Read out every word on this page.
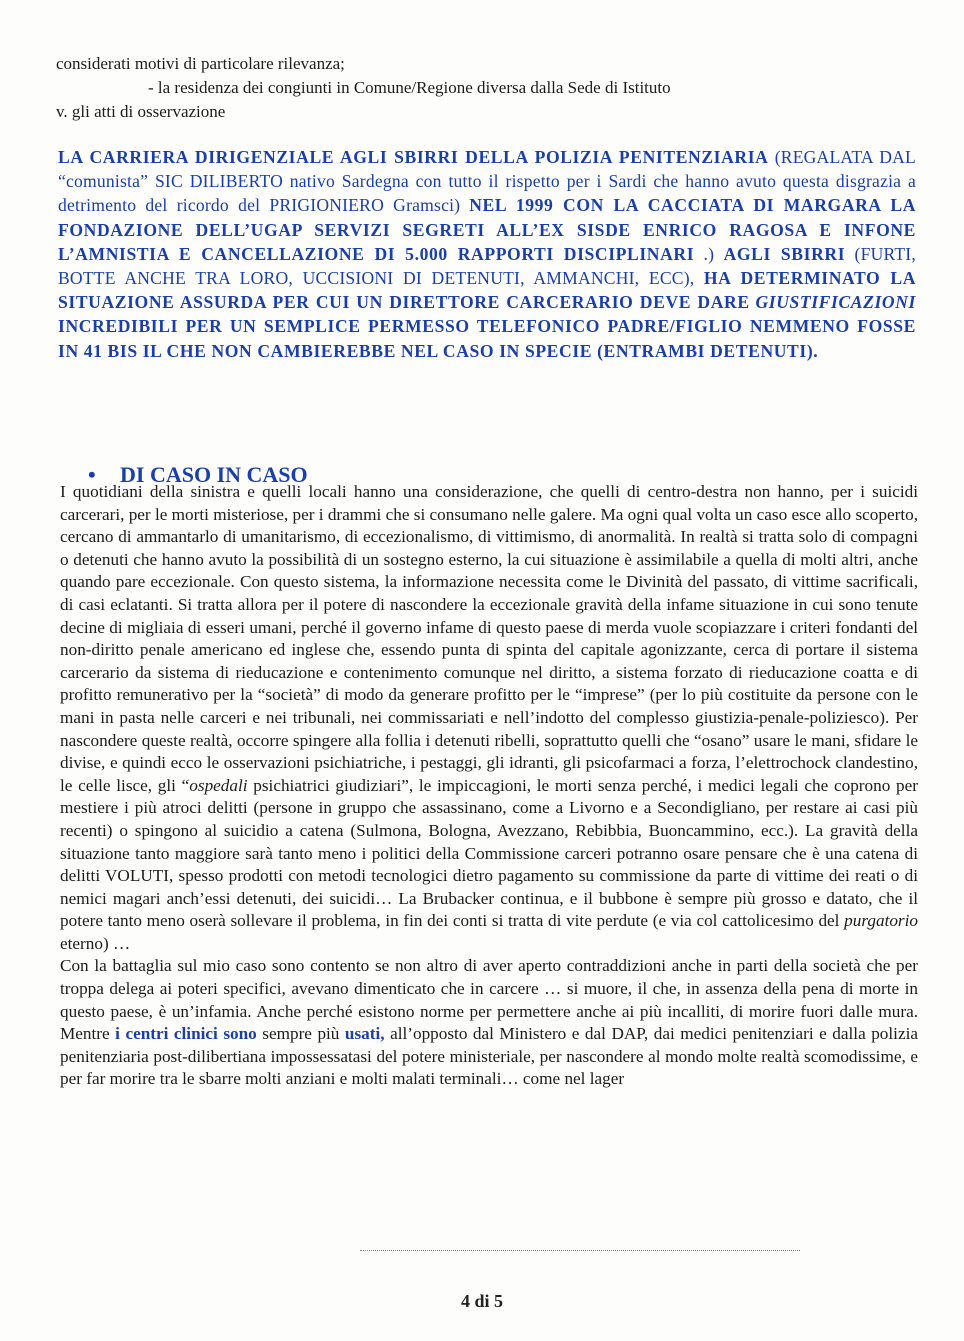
considerati motivi di particolare rilevanza;
- la residenza dei congiunti in Comune/Regione diversa dalla Sede di Istituto
v. gli atti di osservazione
LA CARRIERA DIRIGENZIALE AGLI SBIRRI DELLA POLIZIA PENITENZIARIA (REGALATA DAL “comunista” SIC DILIBERTO nativo Sardegna con tutto il rispetto per i Sardi che hanno avuto questa disgrazia a detrimento del ricordo del PRIGIONIERO Gramsci) NEL 1999 CON LA CACCIATA DI MARGARA LA FONDAZIONE DELL’UGAP SERVIZI SEGRETI ALL’EX SISDE ENRICO RAGOSA E INFONE L’AMNISTIA E CANCELLAZIONE DI 5.000 RAPPORTI DISCIPLINARI .) AGLI SBIRRI (FURTI, BOTTE ANCHE TRA LORO, UCCISIONI DI DETENUTI, AMMANCHI, ECC), HA DETERMINATO LA SITUAZIONE ASSURDA PER CUI UN DIRETTORE CARCERARIO DEVE DARE GIUSTIFICAZIONI INCREDIBILI PER UN SEMPLICE PERMESSO TELEFONICO PADRE/FIGLIO NEMMENO FOSSE IN 41 BIS IL CHE NON CAMBIEREBBE NEL CASO IN SPECIE (ENTRAMBI DETENUTI).
• DI CASO IN CASO

I quotidiani della sinistra e quelli locali hanno una considerazione, che quelli di centro-destra non hanno, per i suicidi carcerari, per le morti misteriose, per i drammi che si consumano nelle galere. Ma ogni qual volta un caso esce allo scoperto, cercano di ammantarlo di umanitarismo, di eccezionalismo, di vittimismo, di anormalità. In realtà si tratta solo di compagni o detenuti che hanno avuto la possibilità di un sostegno esterno, la cui situazione è assimilabile a quella di molti altri, anche quando pare eccezionale. Con questo sistema, la informazione necessita come le Divinità del passato, di vittime sacrificali, di casi eclatanti. Si tratta allora per il potere di nascondere la eccezionale gravità della infame situazione in cui sono tenute decine di migliaia di esseri umani, perché il governo infame di questo paese di merda vuole scopiazzare i criteri fondanti del non-diritto penale americano ed inglese che, essendo punta di spinta del capitale agonizzante, cerca di portare il sistema carcerario da sistema di rieducazione e contenimento comunque nel diritto, a sistema forzato di rieducazione coatta e di profitto remunerativo per la “società” di modo da generare profitto per le “imprese” (per lo più costituite da persone con le mani in pasta nelle carceri e nei tribunali, nei commissariati e nell’indotto del complesso giustizia-penale-poliziesco). Per nascondere queste realtà, occorre spingere alla follia i detenuti ribelli, soprattutto quelli che “osano” usare le mani, sfidare le divise, e quindi ecco le osservazioni psichiatriche, i pestaggi, gli idranti, gli psicofarmaci a forza, l’elettrochock clandestino, le celle lisce, gli “ospedali psichiatrici giudiziari”, le impiccagioni, le morti senza perché, i medici legali che coprono per mestiere i più atroci delitti (persone in gruppo che assassinano, come a Livorno e a Secondigliano, per restare ai casi più recenti) o spingono al suicidio a catena (Sulmona, Bologna, Avezzano, Rebibbia, Buoncammino, ecc.). La gravità della situazione tanto maggiore sarà tanto meno i politici della Commissione carceri potranno osare pensare che è una catena di delitti VOLUTI, spesso prodotti con metodi tecnologici dietro pagamento su commissione da parte di vittime dei reati o di nemici magari anch’essi detenuti, dei suicidi… La Brubacker continua, e il bubbone è sempre più grosso e datato, che il potere tanto meno oserà sollevare il problema, in fin dei conti si tratta di vite perdute (e via col cattolicesimo del purgatorio eterno) …

Con la battaglia sul mio caso sono contento se non altro di aver aperto contraddizioni anche in parti della società che per troppa delega ai poteri specifici, avevano dimenticato che in carcere … si muore, il che, in assenza della pena di morte in questo paese, è un’infamia. Anche perché esistono norme per permettere anche ai più incalliti, di morire fuori dalle mura. Mentre i centri clinici sono sempre più usati, all’opposto dal Ministero e dal DAP, dai medici penitenziari e dalla polizia penitenziaria post-dilibertiana impossessatasi del potere ministeriale, per nascondere al mondo molte realtà scomodissime, e per far morire tra le sbarre molti anziani e molti malati terminali… come nel lager

4 di 5
